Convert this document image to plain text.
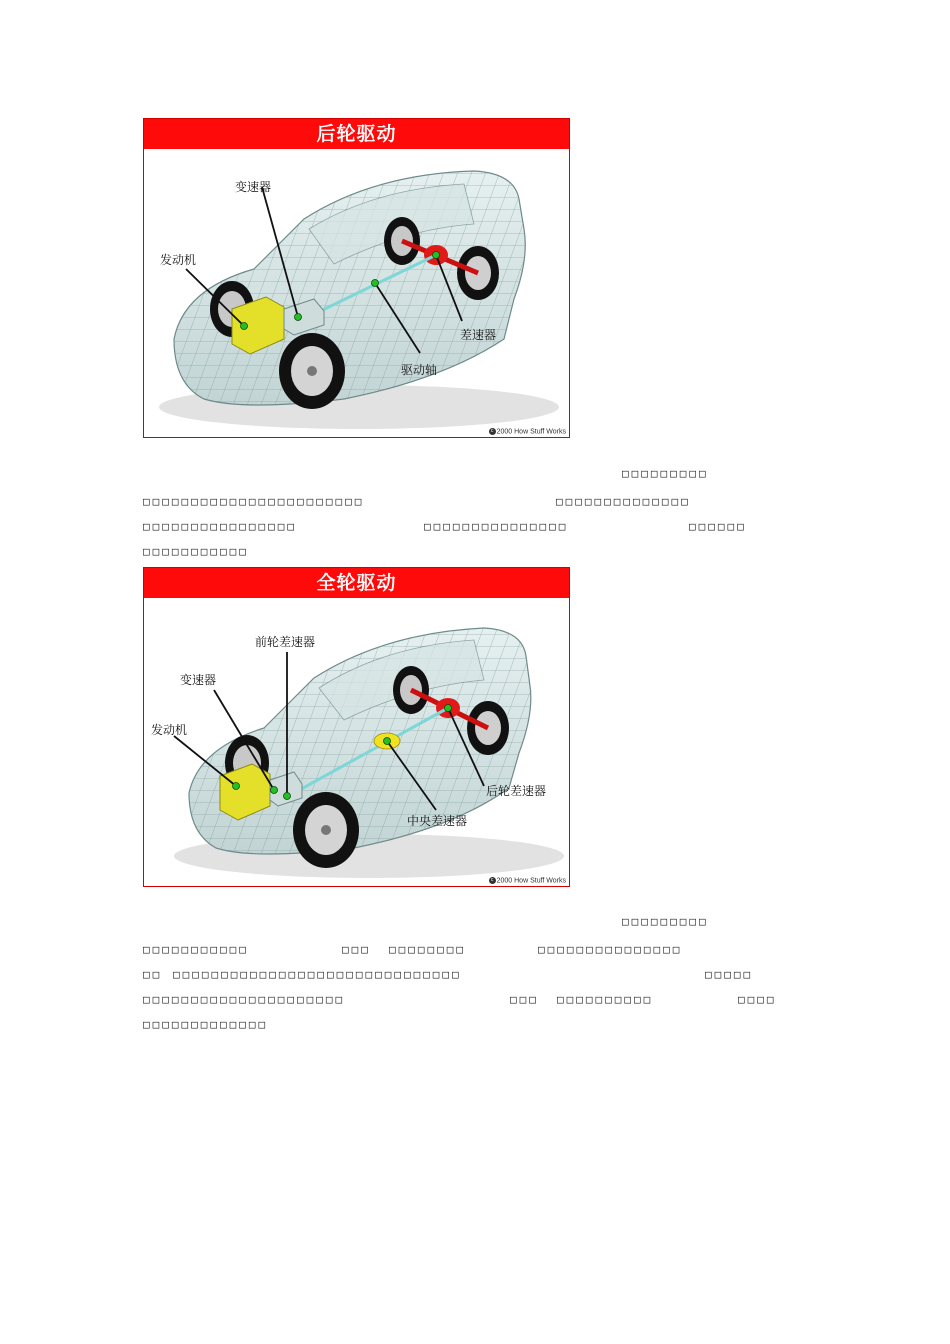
后轮驱动
变速器
发动机
差速器
驱动轴
c 2000 How Stuff Works
□□□□□□□□□
□□□□□□□□□□□□□□□□□□□□□□□	□□□□□□□□□□□□□□
□□□□□□□□□□□□□□□□	□□□□□□□□□□□□□□□	□□□□□□
□□□□□□□□□□□
全轮驱动
前轮差速器
变速器
发动机
后轮差速器
中央差速器
c 2000 How Stuff Works
□□□□□□□□□
□□□□□□□□□□□	□□□ □□□□□□□□	□□□□□□□□□□□□□□□
□□ □□□□□□□□□□□□□□□□□□□□□□□□□□□□□□	□□□□□
□□□□□□□□□□□□□□□□□□□□□	□□□ □□□□□□□□□□	□□□□
□□□□□□□□□□□□□
